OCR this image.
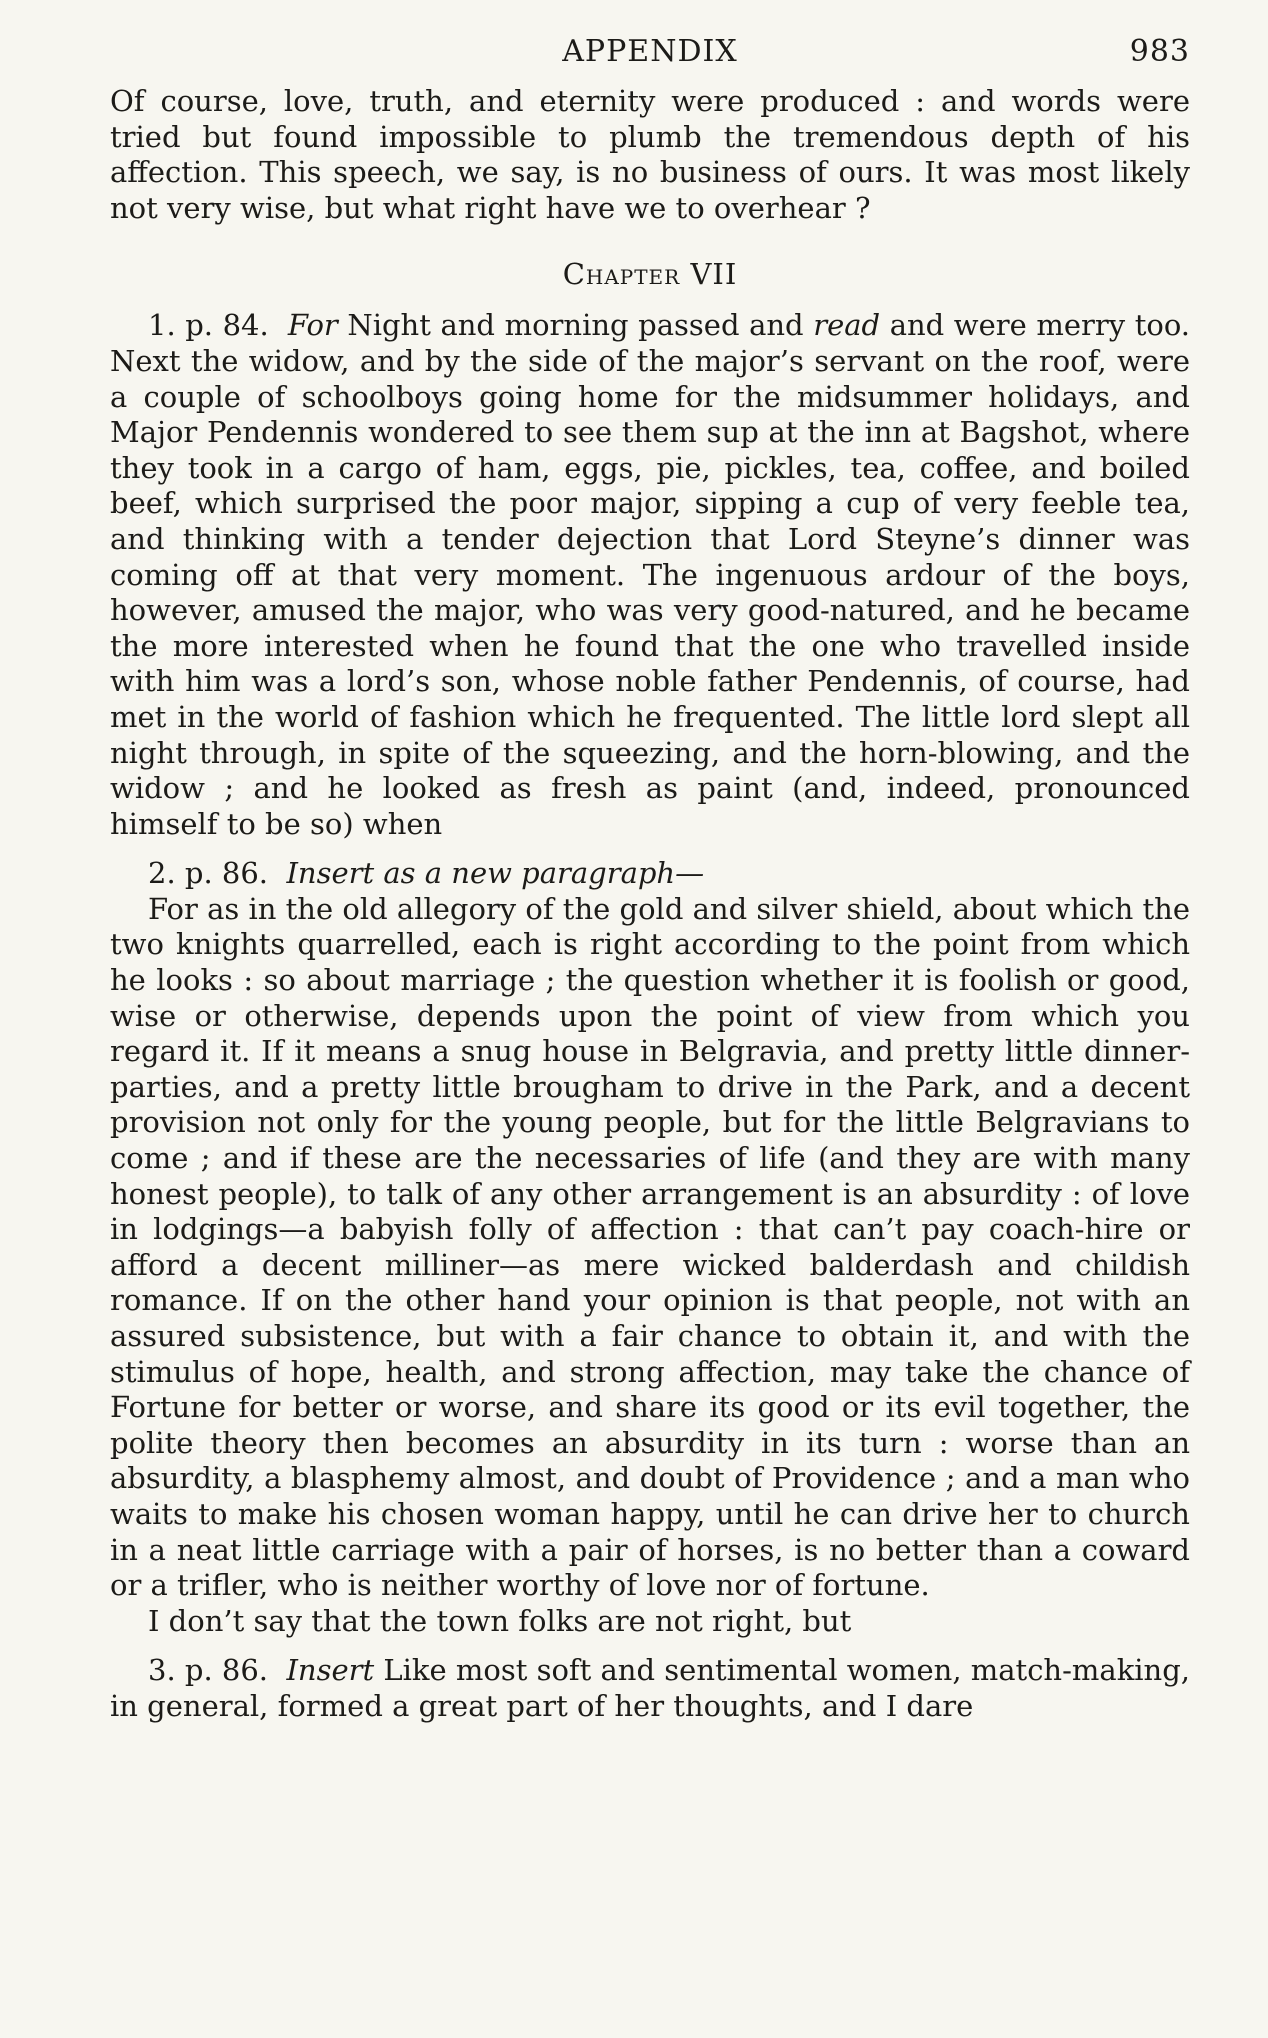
APPENDIX	983

Of course, love, truth, and eternity were produced : and words were tried but found impossible to plumb the tremendous depth of his affection. This speech, we say, is no business of ours. It was most likely not very wise, but what right have we to overhear ?

Chapter VII

1. p. 84. For Night and morning passed and read and were merry too. Next the widow, and by the side of the major’s servant on the roof, were a couple of schoolboys going home for the midsummer holidays, and Major Pendennis wondered to see them sup at the inn at Bagshot, where they took in a cargo of ham, eggs, pie, pickles, tea, coffee, and boiled beef, which surprised the poor major, sipping a cup of very feeble tea, and thinking with a tender dejection that Lord Steyne’s dinner was coming off at that very moment. The ingenuous ardour of the boys, however, amused the major, who was very good-natured, and he became the more interested when he found that the one who travelled inside with him was a lord’s son, whose noble father Pendennis, of course, had met in the world of fashion which he frequented. The little lord slept all night through, in spite of the squeezing, and the horn-blowing, and the widow ; and he looked as fresh as paint (and, indeed, pronounced himself to be so) when

2. p. 86. Insert as a new paragraph—

For as in the old allegory of the gold and silver shield, about which the two knights quarrelled, each is right according to the point from which he looks : so about marriage ; the question whether it is foolish or good, wise or otherwise, depends upon the point of view from which you regard it. If it means a snug house in Belgravia, and pretty little dinner-parties, and a pretty little brougham to drive in the Park, and a decent provision not only for the young people, but for the little Belgravians to come ; and if these are the necessaries of life (and they are with many honest people), to talk of any other arrangement is an absurdity : of love in lodgings—a babyish folly of affection : that can’t pay coach-hire or afford a decent milliner—as mere wicked balderdash and childish romance. If on the other hand your opinion is that people, not with an assured subsistence, but with a fair chance to obtain it, and with the stimulus of hope, health, and strong affection, may take the chance of Fortune for better or worse, and share its good or its evil together, the polite theory then becomes an absurdity in its turn : worse than an absurdity, a blasphemy almost, and doubt of Providence ; and a man who waits to make his chosen woman happy, until he can drive her to church in a neat little carriage with a pair of horses, is no better than a coward or a trifler, who is neither worthy of love nor of fortune.

I don’t say that the town folks are not right, but

3. p. 86. Insert Like most soft and sentimental women, match-making, in general, formed a great part of her thoughts, and I dare
